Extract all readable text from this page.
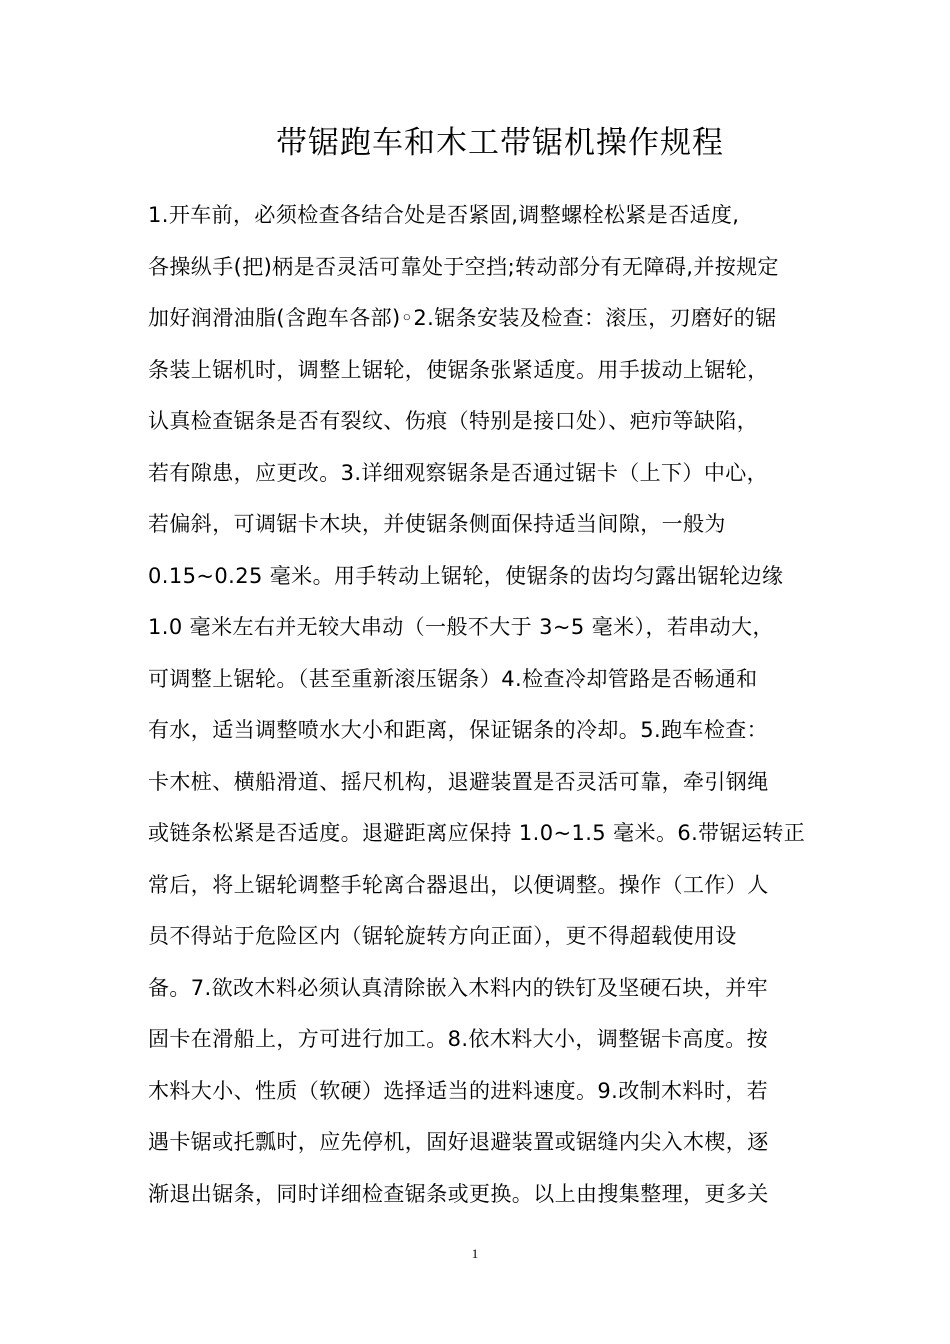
带锯跑车和木工带锯机操作规程
1.开车前，必须检查各结合处是否紧固,调整螺栓松紧是否适度,
各操纵手(把)柄是否灵活可靠处于空挡;转动部分有无障碍,并按规定
加好润滑油脂(含跑车各部)◦2.锯条安装及检查：滚压，刃磨好的锯
条装上锯机时，调整上锯轮，使锯条张紧适度。用手拔动上锯轮，
认真检查锯条是否有裂纹、伤痕（特别是接口处）、疤疖等缺陷，
若有隙患，应更改。3.详细观察锯条是否通过锯卡（上下）中心，
若偏斜，可调锯卡木块，并使锯条侧面保持适当间隙，一般为
0.15~0.25 毫米。用手转动上锯轮，使锯条的齿均匀露出锯轮边缘
1.0 毫米左右并无较大串动（一般不大于 3~5 毫米），若串动大，
可调整上锯轮。（甚至重新滚压锯条）4.检查冷却管路是否畅通和
有水，适当调整喷水大小和距离，保证锯条的冷却。5.跑车检查：
卡木桩、横船滑道、摇尺机构，退避装置是否灵活可靠，牵引钢绳
或链条松紧是否适度。退避距离应保持 1.0~1.5 毫米。6.带锯运转正
常后，将上锯轮调整手轮离合器退出，以便调整。操作（工作）人
员不得站于危险区内（锯轮旋转方向正面），更不得超载使用设
备。7.欲改木料必须认真清除嵌入木料内的铁钉及坚硬石块，并牢
固卡在滑船上，方可进行加工。8.依木料大小，调整锯卡高度。按
木料大小、性质（软硬）选择适当的进料速度。9.改制木料时，若
遇卡锯或托瓢时，应先停机，固好退避装置或锯缝内尖入木楔，逐
渐退出锯条，同时详细检查锯条或更换。以上由搜集整理，更多关
1
